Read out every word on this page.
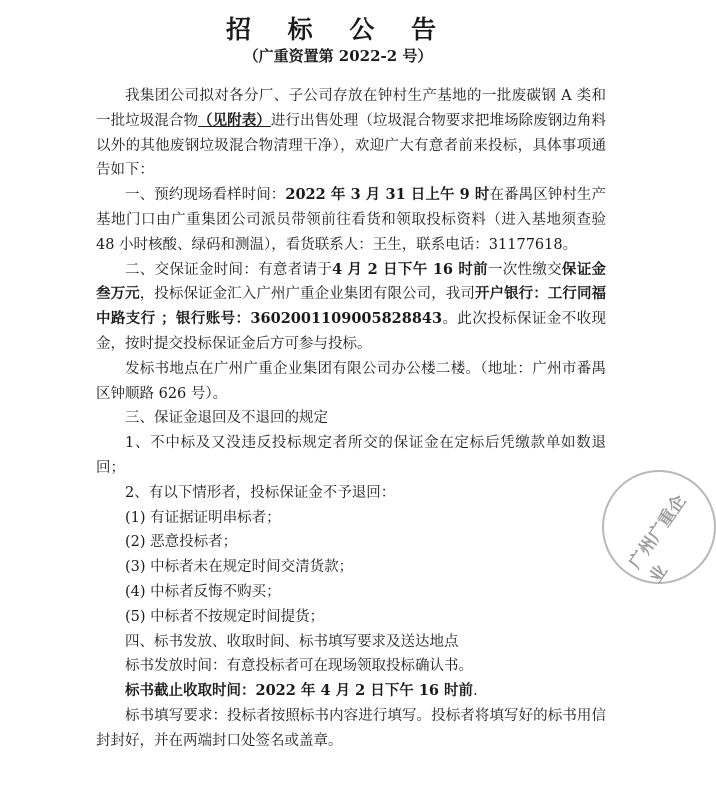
招 标 公 告
（广重资置第 2022-2 号）

我集团公司拟对各分厂、子公司存放在钟村生产基地的一批废碳钢 A 类和一批垃圾混合物（见附表）进行出售处理（垃圾混合物要求把堆场除废钢边角料以外的其他废钢垃圾混合物清理干净），欢迎广大有意者前来投标，具体事项通告如下：

一、预约现场看样时间：2022 年 3 月 31 日上午 9 时在番禺区钟村生产基地门口由广重集团公司派员带领前往看货和领取投标资料（进入基地须查验 48 小时核酸、绿码和测温），看货联系人：王生，联系电话：31177618。

二、交保证金时间：有意者请于4 月 2 日下午 16 时前一次性缴交保证金叁万元，投标保证金汇入广州广重企业集团有限公司，我司开户银行：工行同福中路支行 ；银行账号：3602001109005828843。此次投标保证金不收现金，按时提交投标保证金后方可参与投标。

发标书地点在广州广重企业集团有限公司办公楼二楼。（地址：广州市番禺区钟顺路 626 号）。

三、保证金退回及不退回的规定

1、不中标及又没违反投标规定者所交的保证金在定标后凭缴款单如数退回；

2、有以下情形者，投标保证金不予退回：

(1) 有证据证明串标者；

(2) 恶意投标者；

(3) 中标者未在规定时间交清货款；

(4) 中标者反悔不购买；

(5) 中标者不按规定时间提货；

四、标书发放、收取时间、标书填写要求及送达地点

标书发放时间：有意投标者可在现场领取投标确认书。

标书截止收取时间：2022 年 4 月 2 日下午 16 时前.

标书填写要求：投标者按照标书内容进行填写。投标者将填写好的标书用信封封好，并在两端封口处签名或盖章。

广州广重企业
